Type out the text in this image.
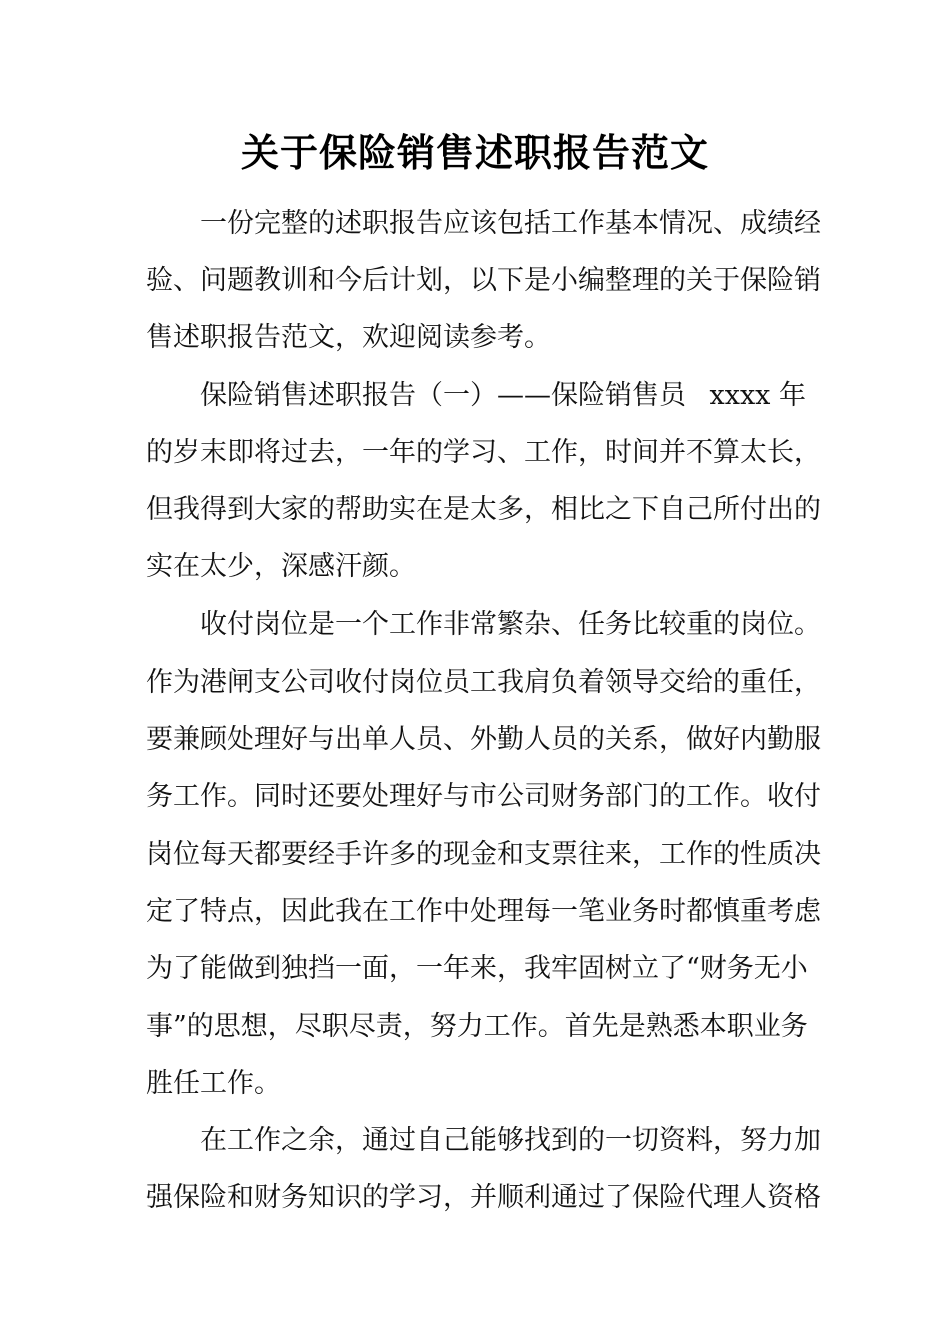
关于保险销售述职报告范文
一份完整的述职报告应该包括工作基本情况、成绩经
验、问题教训和今后计划，以下是小编整理的关于保险销
售述职报告范文，欢迎阅读参考。
保险销售述职报告（一）——保险销售员 xxxx 年
的岁末即将过去，一年的学习、工作，时间并不算太长，
但我得到大家的帮助实在是太多，相比之下自己所付出的
实在太少，深感汗颜。
收付岗位是一个工作非常繁杂、任务比较重的岗位。
作为港闸支公司收付岗位员工我肩负着领导交给的重任，
要兼顾处理好与出单人员、外勤人员的关系，做好内勤服
务工作。同时还要处理好与市公司财务部门的工作。收付
岗位每天都要经手许多的现金和支票往来，工作的性质决
定了特点，因此我在工作中处理每一笔业务时都慎重考虑
为了能做到独挡一面，一年来，我牢固树立了“财务无小
事”的思想，尽职尽责，努力工作。首先是熟悉本职业务
胜任工作。
在工作之余，通过自己能够找到的一切资料，努力加
强保险和财务知识的学习，并顺利通过了保险代理人资格
